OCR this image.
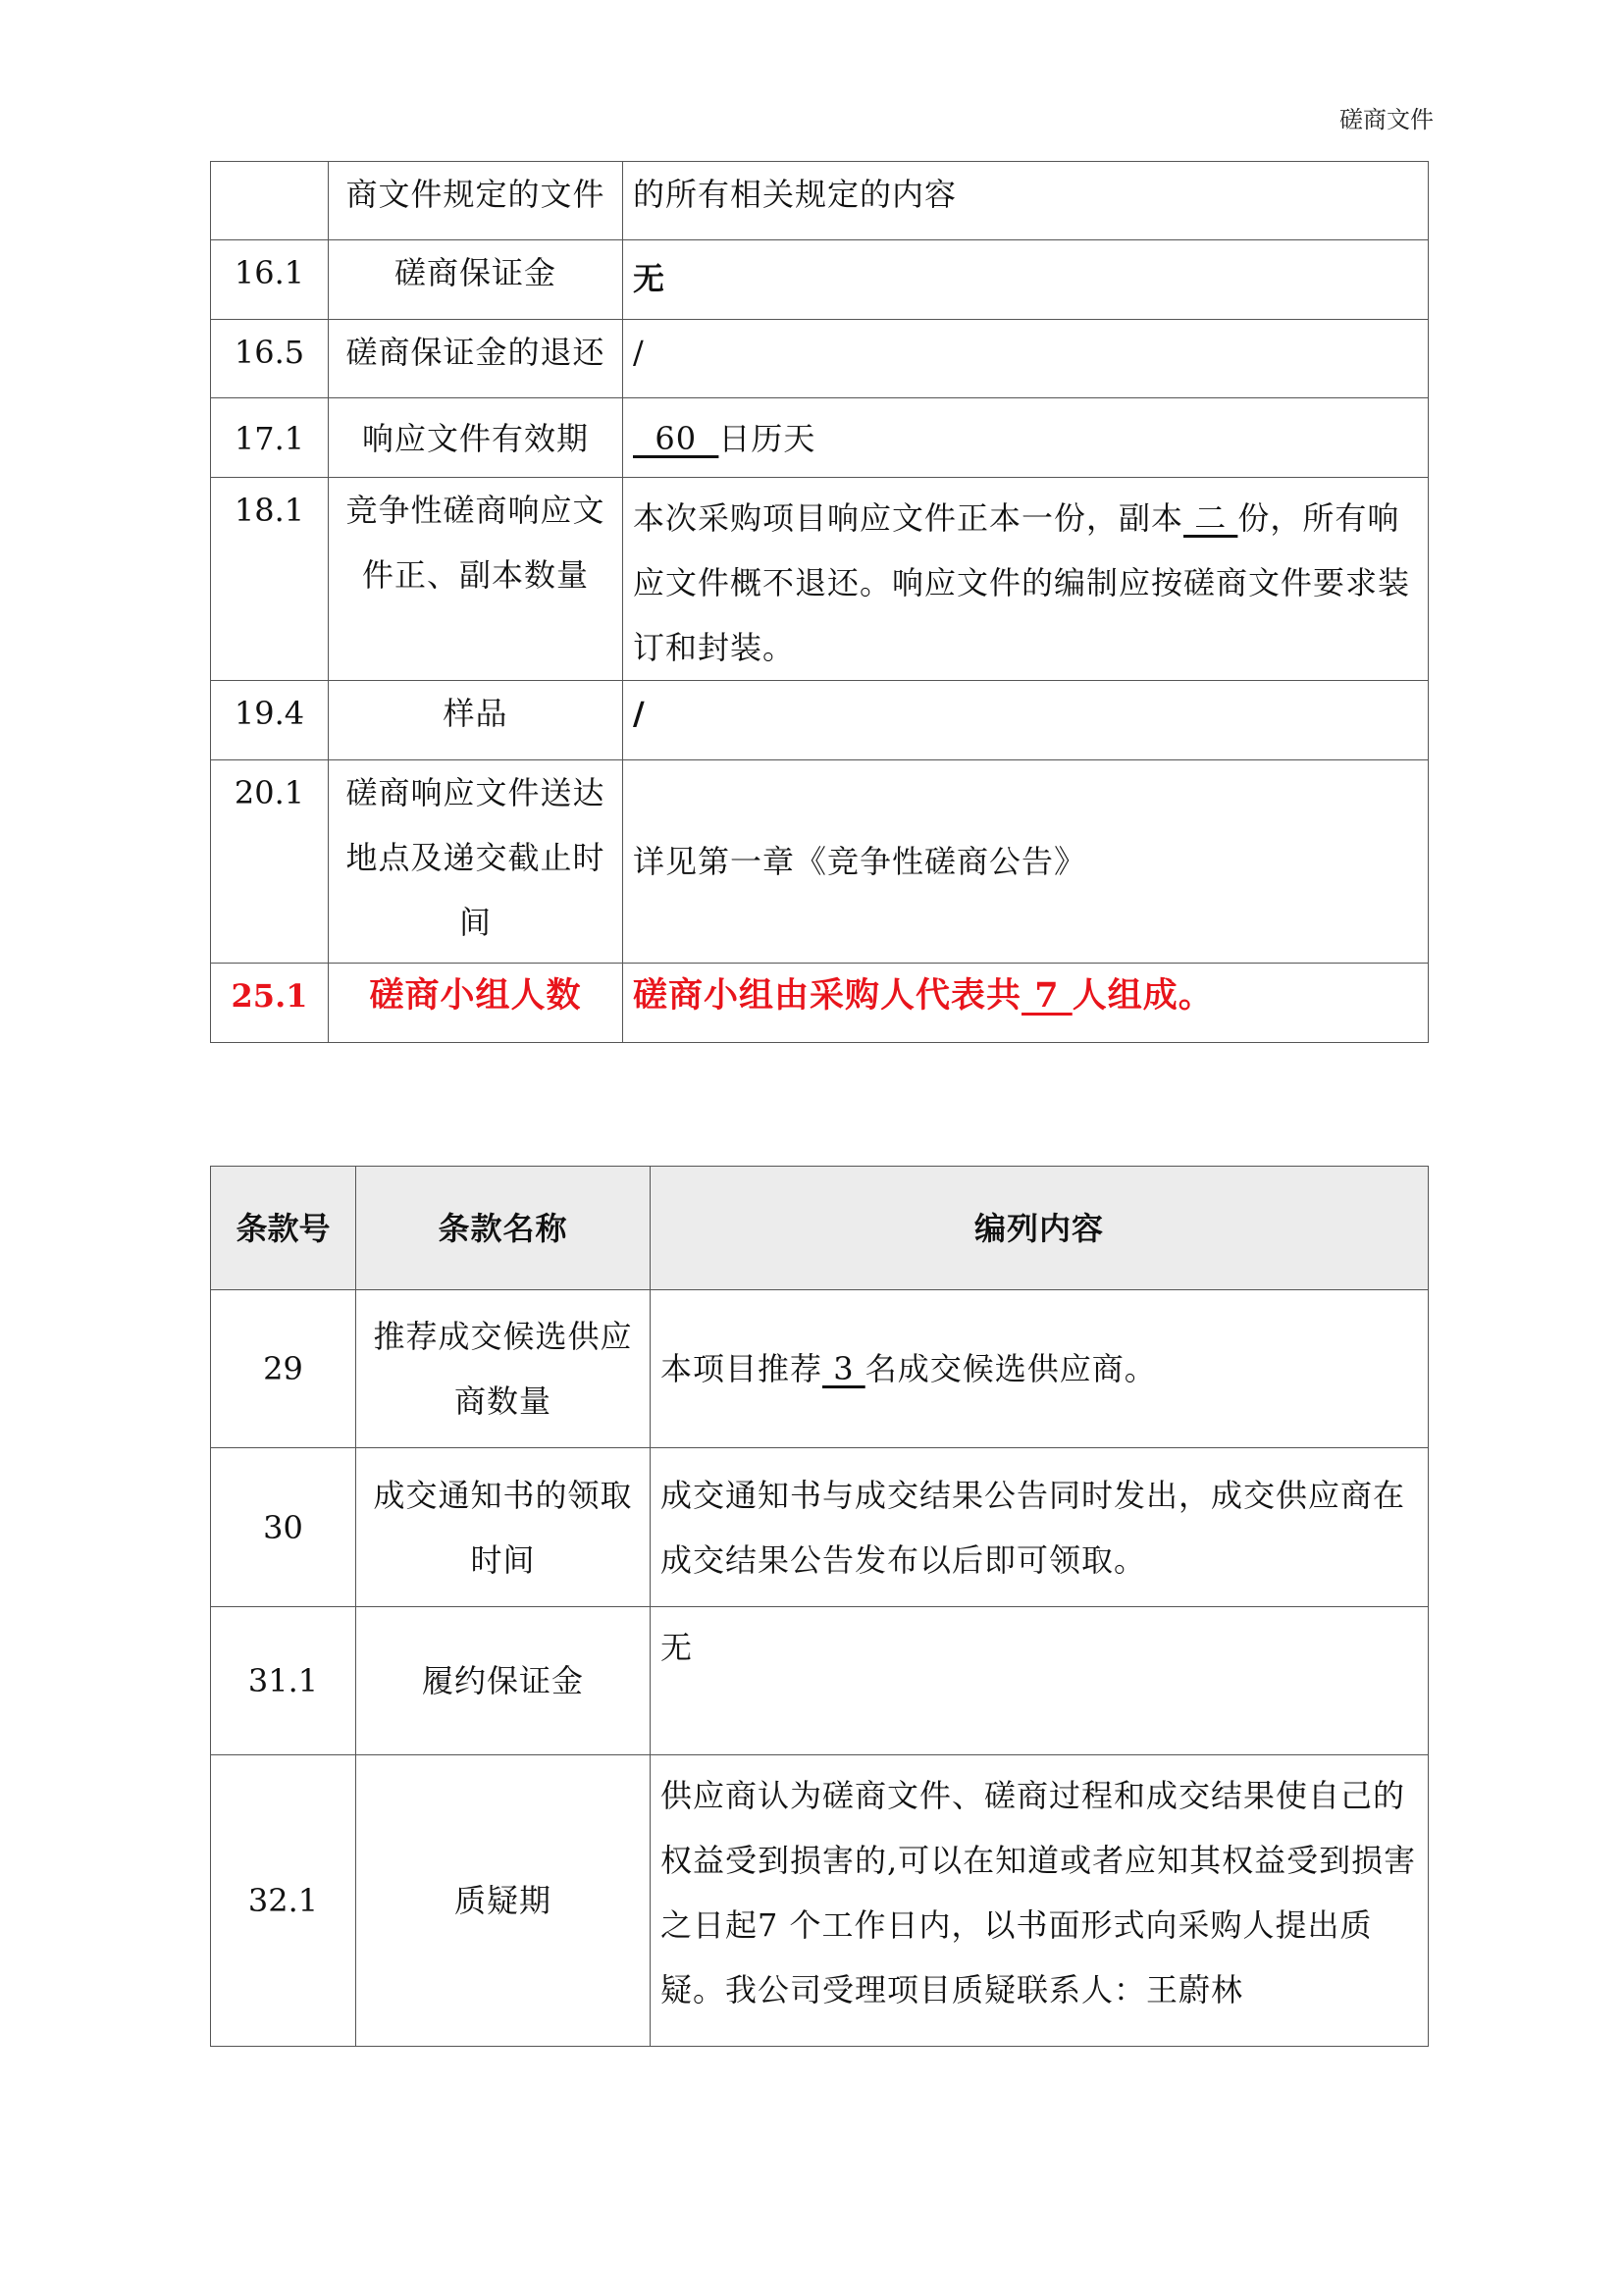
磋商文件
	商文件规定的文件	的所有相关规定的内容
16.1	磋商保证金	无
16.5	磋商保证金的退还	/
17.1	响应文件有效期	60  日历天
18.1	竞争性磋商响应文件正、副本数量	本次采购项目响应文件正本一份，副本 二 份，所有响应文件概不退还。响应文件的编制应按磋商文件要求装订和封装。
19.4	样品	/
20.1	磋商响应文件送达地点及递交截止时间	详见第一章《竞争性磋商公告》
25.1	磋商小组人数	磋商小组由采购人代表共 7 人组成。
条款号	条款名称	编列内容
29	推荐成交候选供应商数量	本项目推荐 3 名成交候选供应商。
30	成交通知书的领取时间	成交通知书与成交结果公告同时发出，成交供应商在成交结果公告发布以后即可领取。
31.1	履约保证金	无
32.1	质疑期	供应商认为磋商文件、磋商过程和成交结果使自己的权益受到损害的,可以在知道或者应知其权益受到损害之日起7 个工作日内，以书面形式向采购人提出质疑。我公司受理项目质疑联系人：王蔚林
